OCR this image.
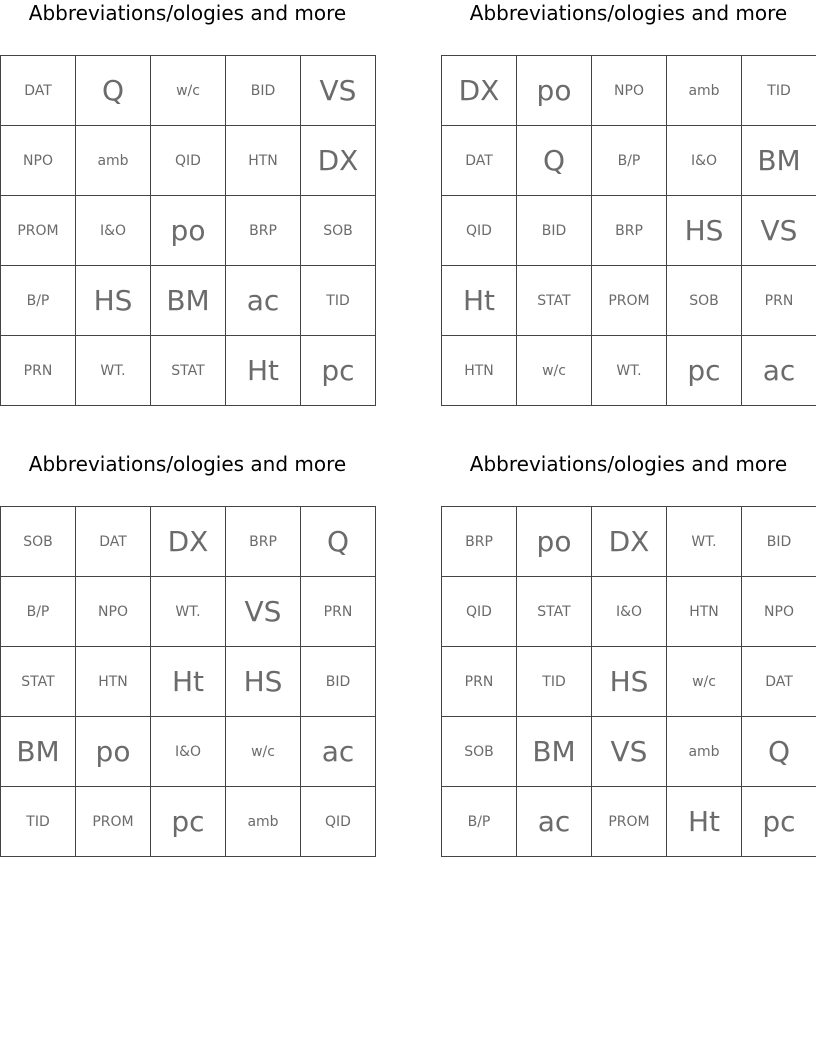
Abbreviations/ologies and more
DAT	Q	w/c	BID	VS
NPO	amb	QID	HTN	DX
PROM	I&O	po	BRP	SOB
B/P	HS	BM	ac	TID
PRN	WT.	STAT	Ht	pc
Abbreviations/ologies and more
DX	po	NPO	amb	TID
DAT	Q	B/P	I&O	BM
QID	BID	BRP	HS	VS
Ht	STAT	PROM	SOB	PRN
HTN	w/c	WT.	pc	ac
Abbreviations/ologies and more
SOB	DAT	DX	BRP	Q
B/P	NPO	WT.	VS	PRN
STAT	HTN	Ht	HS	BID
BM	po	I&O	w/c	ac
TID	PROM	pc	amb	QID
Abbreviations/ologies and more
BRP	po	DX	WT.	BID
QID	STAT	I&O	HTN	NPO
PRN	TID	HS	w/c	DAT
SOB	BM	VS	amb	Q
B/P	ac	PROM	Ht	pc
